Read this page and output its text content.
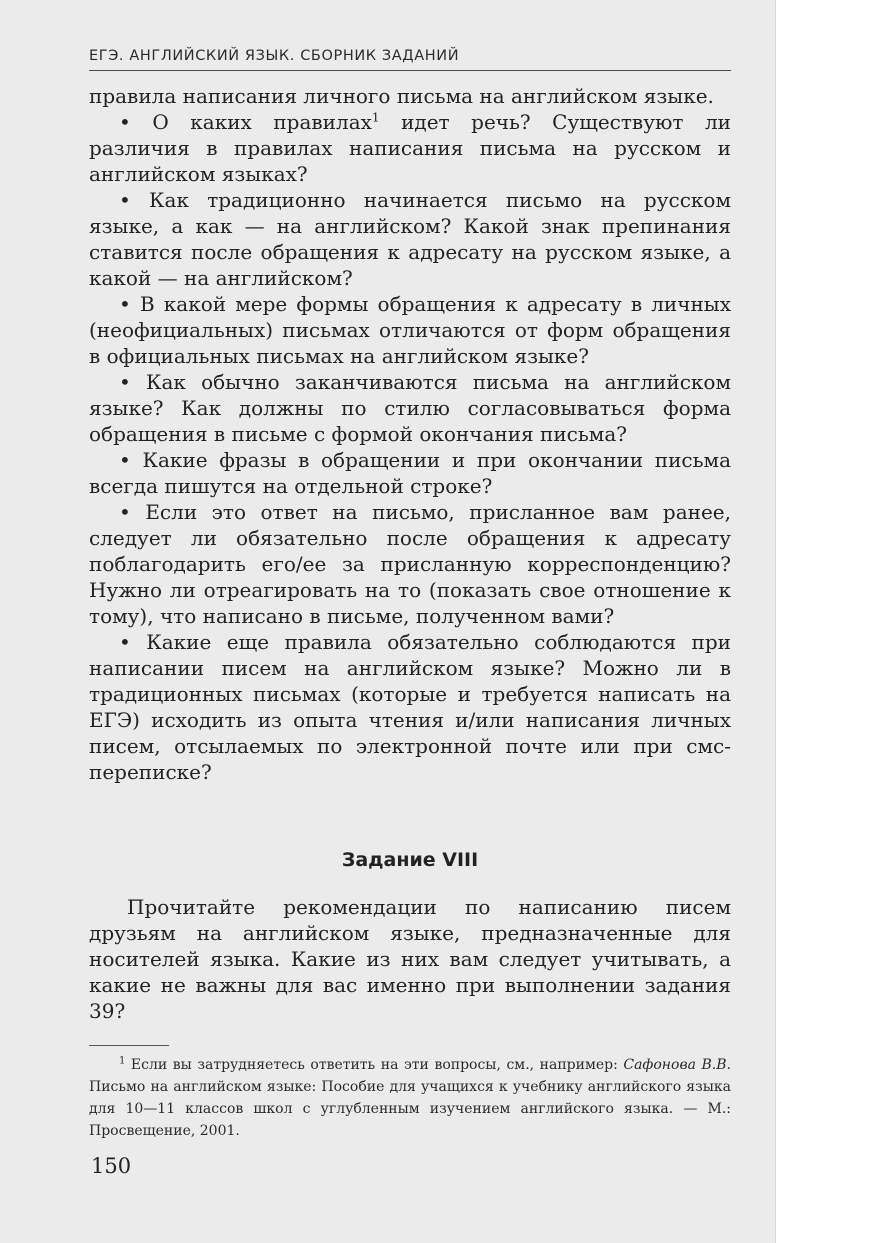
ЕГЭ. АНГЛИЙСКИЙ ЯЗЫК. СБОРНИК ЗАДАНИЙ

правила написания личного письма на английском языке.

• О каких правилах$^1$ идет речь? Существуют ли различия в правилах написания письма на русском и английском языках?

• Как традиционно начинается письмо на русском языке, а как — на английском? Какой знак препинания ставится после обращения к адресату на русском языке, а какой — на английском?

• В какой мере формы обращения к адресату в личных (неофициальных) письмах отличаются от форм обращения в официальных письмах на английском языке?

• Как обычно заканчиваются письма на английском языке? Как должны по стилю согласовываться форма обращения в письме с формой окончания письма?

• Какие фразы в обращении и при окончании письма всегда пишутся на отдельной строке?

• Если это ответ на письмо, присланное вам ранее, следует ли обязательно после обращения к адресату поблагодарить его/ее за присланную корреспонденцию? Нужно ли отреагировать на то (показать свое отношение к тому), что написано в письме, полученном вами?

• Какие еще правила обязательно соблюдаются при написании писем на английском языке? Можно ли в традиционных письмах (которые и требуется написать на ЕГЭ) исходить из опыта чтения и/или написания личных писем, отсылаемых по электронной почте или при смс-переписке?

Задание VIII

Прочитайте рекомендации по написанию писем друзьям на английском языке, предназначенные для носителей языка. Какие из них вам следует учитывать, а какие не важны для вас именно при выполнении задания 39?

$^1$ Если вы затрудняетесь ответить на эти вопросы, см., например: Сафонова В.В. Письмо на английском языке: Пособие для учащихся к учебнику английского языка для 10—11 классов школ с углубленным изучением английского языка. — М.: Просвещение, 2001.

150
